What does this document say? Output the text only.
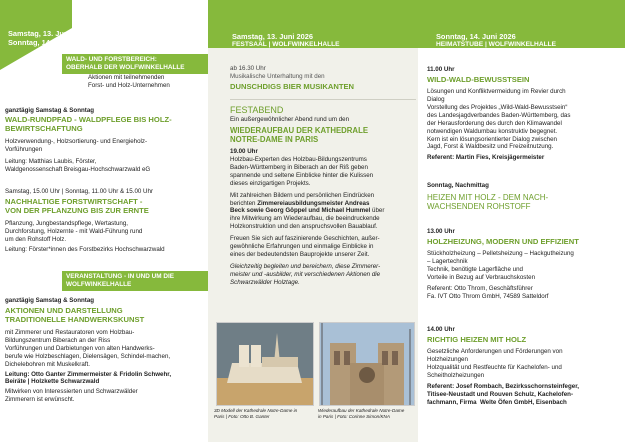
Samstag, 13. Juni &
Sonntag, 14. Juni
WALD- UND FORSTBEREICH:
OBERHALB DER WOLFWINKELHALLE
Aktionen mit teilnehmenden
Forst- und Holz-Unternehmen

ganztägig Samstag & Sonntag

WALD-RUNDPFAD - WALDPFLEGE BIS HOLZ-
BEWIRTSCHAFTUNG

Holzverwendung-, Holzsortierung- und Energieholz-
Vorführungen

Leitung: Matthias Laubis, Förster,
Waldgenossenschaft Breisgau-Hochschwarzwald eG

Samstag, 15.00 Uhr | Sonntag, 11.00 Uhr & 15.00 Uhr

NACHHALTIGE FORSTWIRTSCHAFT -
VON DER PFLANZUNG BIS ZUR ERNTE

Pflanzung, Jungbestandspflege, Wertastung,
Durchforstung, Holzernte - mit Wald-Führung rund
um den Rohstoff Holz.

Leitung: Förster*innen des Forstbezirks Hochschwarzwald

VERANSTALTUNG - IN UND UM DIE
WOLFWINKELHALLE

ganztägig Samstag & Sonntag

AKTIONEN UND DARSTELLUNG
TRADITIONELLE HANDWERKSKUNST

mit Zimmerer und Restauratoren vom Holzbau-
Bildungszentrum Biberach an der Riss
Vorführungen und Darbietungen von alten Handwerks-
berufe wie Holzbeschlagen, Dielensägen, Schindel-machen,
Dichelebohren mit Muskelkraft.

Leitung: Otto Ganter Zimmermeister & Fridolin Schwehr,
Beiräte | Holzkette Schwarzwald

Mitwirken von Interessierten und Schwarzwälder
Zimmerern ist erwünscht.

Samstag, 13. Juni 2026
FESTSAAL | WOLFWINKELHALLE

ab 16.30 Uhr

Musikalische Unterhaltung mit den

DUNSCHDIGS BIER MUSIKANTEN

FESTABEND

Ein außergewöhnlicher Abend rund um den

WIEDERAUFBAU DER KATHEDRALE
NOTRE-DAME IN PARIS

19.00 Uhr

Holzbau-Experten des Holzbau-Bildungszentrums
Baden-Württemberg in Biberach an der Riß geben
spannende und seltene Einblicke hinter die Kulissen
dieses einzigartigen Projekts.

Mit zahlreichen Bildern und persönlichen Eindrücken
berichten Zimmereiausbildungsmeister Andreas
Beck sowie Georg Göppel und Michael Hummel über
ihre Mitwirkung am Wiederaufbau, die beeindruckende
Holzkonstruktion und den anspruchsvollen Bauablauf.

Freuen Sie sich auf faszinierende Geschichten, außer-
gewöhnliche Erfahrungen und einmalige Einblicke in
eines der bedeutendsten Bauprojekte unserer Zeit.

Gleichzeitig begleiten und bereichern, diese Zimmerer-
meister und -ausbilder, mit verschiedenen Aktionen die
Schwarzwälder Holztage.

3D Modell der Kathedrale Notre-Dame in
Paris | Foto: Otto B. Ganter
Wiederaufbau der Kathedrale Notre-Dame
in Paris | Foto: Corinne Simon/KNA
Sonntag, 14. Juni 2026
HEIMATSTUBE | WOLFWINKELHALLE

11.00 Uhr

WILD-WALD-BEWUSSTSEIN

Lösungen und Konfliktvermeidung im Revier durch
Dialog
Vorstellung des Projektes „Wild-Wald-Bewusstsein“
des Landesjagdverbandes Baden-Württemberg, das
der Herausforderung des durch den Klimawandel
notwendigen Waldumbau konstruktiv begegnet.
Kern ist ein lösungsorientierter Dialog zwischen
Jagd, Forst & Waldbesitz und Freizeitnutzung.

Referent: Martin Fies, Kreisjägermeister

Sonntag, Nachmittag

HEIZEN MIT HOLZ - DEM NACH-
WACHSENDEN ROHSTOFF

13.00 Uhr

HOLZHEIZUNG, MODERN UND EFFIZIENT

Stückholzheizung – Pelletsheizung – Hackgutheizung
– Lagertechnik
Technik, benötigte Lagerfläche und
Vorteile in Bezug auf Verbrauchskosten

Referent: Otto Throm, Geschäftsführer
Fa. IVT Otto Throm GmbH, 74589 Satteldorf

14.00 Uhr

RICHTIG HEIZEN MIT HOLZ

Gesetzliche Anforderungen und Förderungen von
Holzheizungen
Holzqualität und Restfeuchte für Kachelofen- und
Scheitholzheizungen

Referent: Josef Rombach, Bezirksschornsteinfeger,
Titisee-Neustadt und Rouven Schulz, Kachelofen-
fachmann, Firma  Welte Öfen GmbH, Eisenbach
